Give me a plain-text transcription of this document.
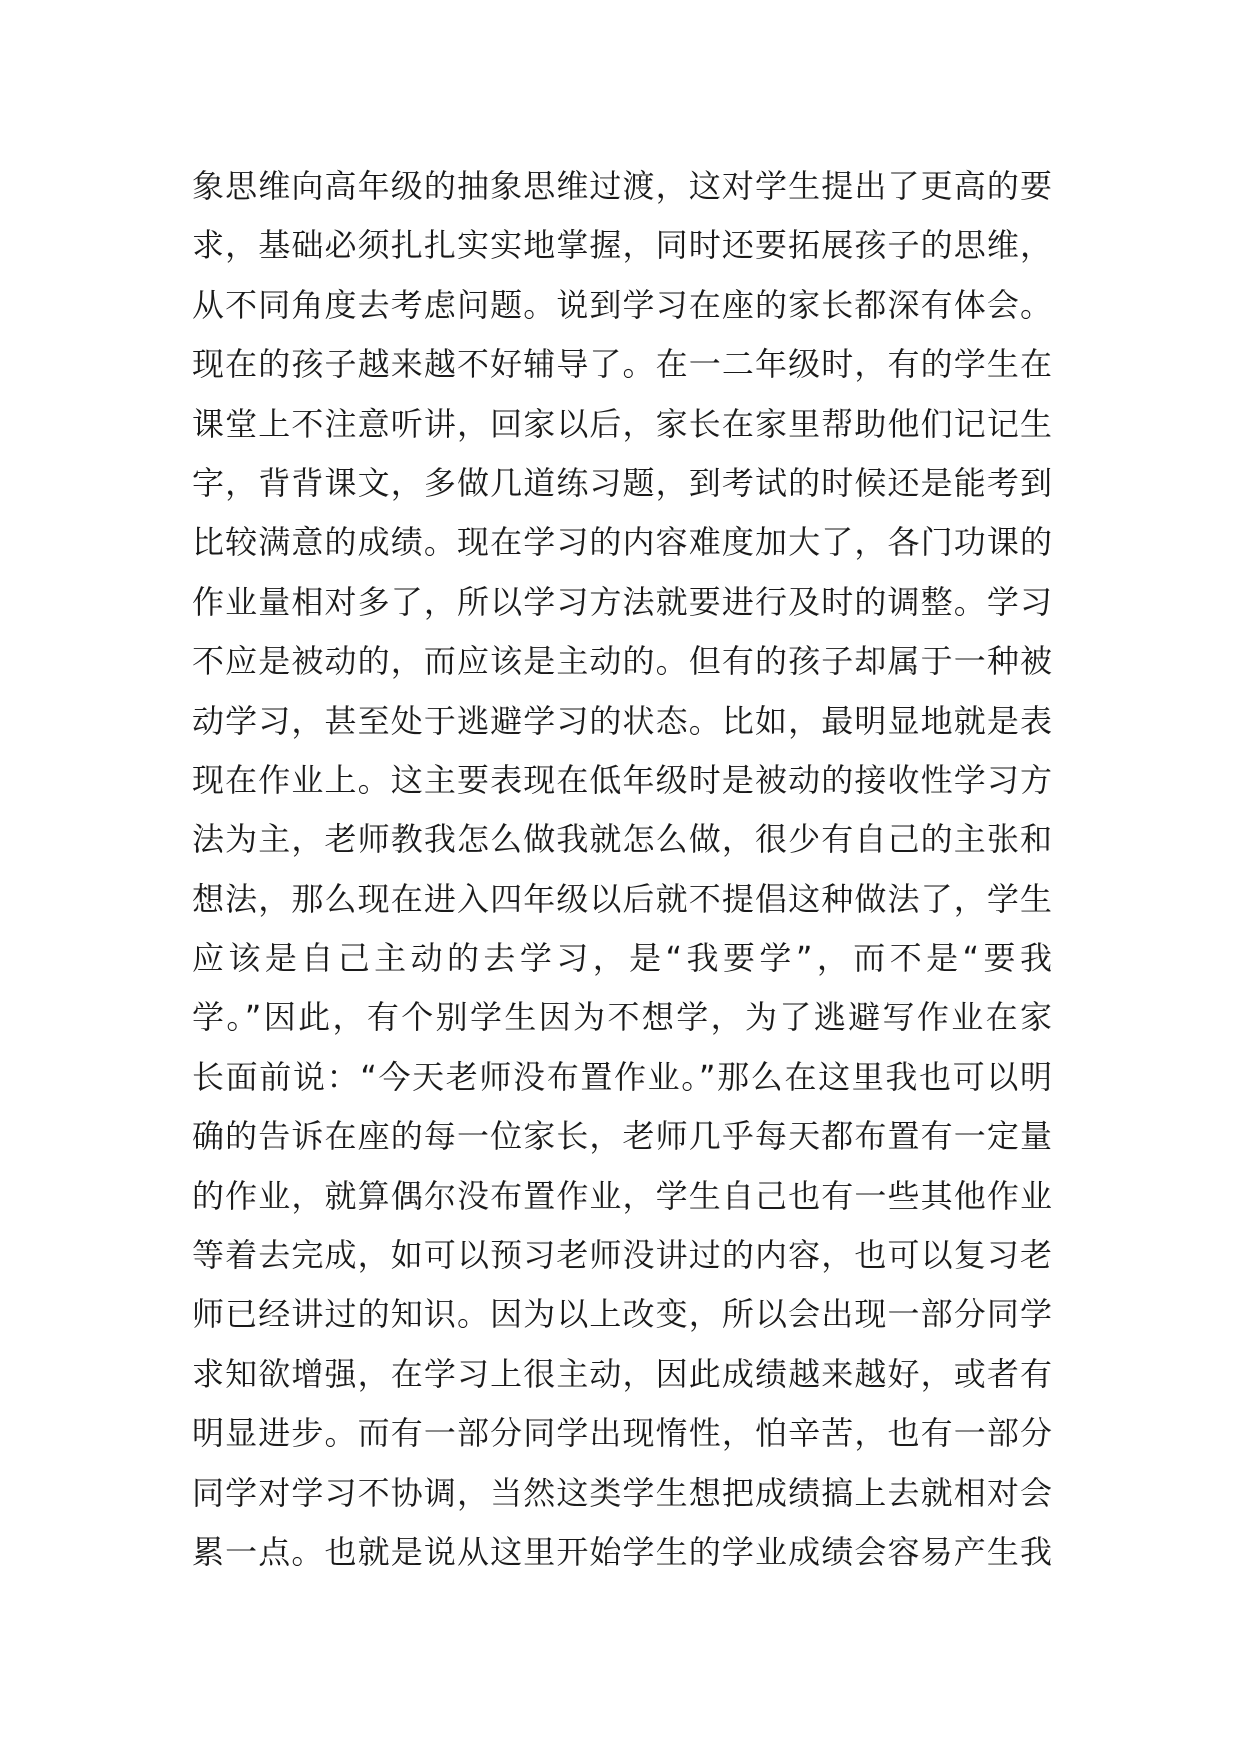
象思维向高年级的抽象思维过渡，这对学生提出了更高的要
求，基础必须扎扎实实地掌握，同时还要拓展孩子的思维，
从不同角度去考虑问题。说到学习在座的家长都深有体会。
现在的孩子越来越不好辅导了。在一二年级时，有的学生在
课堂上不注意听讲，回家以后，家长在家里帮助他们记记生
字，背背课文，多做几道练习题，到考试的时候还是能考到
比较满意的成绩。现在学习的内容难度加大了，各门功课的
作业量相对多了，所以学习方法就要进行及时的调整。学习
不应是被动的，而应该是主动的。但有的孩子却属于一种被
动学习，甚至处于逃避学习的状态。比如，最明显地就是表
现在作业上。这主要表现在低年级时是被动的接收性学习方
法为主，老师教我怎么做我就怎么做，很少有自己的主张和
想法，那么现在进入四年级以后就不提倡这种做法了，学生
应该是自己主动的去学习，是“我要学”，而不是“要我
学。”因此，有个别学生因为不想学，为了逃避写作业在家
长面前说：“今天老师没布置作业。”那么在这里我也可以明
确的告诉在座的每一位家长，老师几乎每天都布置有一定量
的作业，就算偶尔没布置作业，学生自己也有一些其他作业
等着去完成，如可以预习老师没讲过的内容，也可以复习老
师已经讲过的知识。因为以上改变，所以会出现一部分同学
求知欲增强，在学习上很主动，因此成绩越来越好，或者有
明显进步。而有一部分同学出现惰性，怕辛苦，也有一部分
同学对学习不协调，当然这类学生想把成绩搞上去就相对会
累一点。也就是说从这里开始学生的学业成绩会容易产生我
